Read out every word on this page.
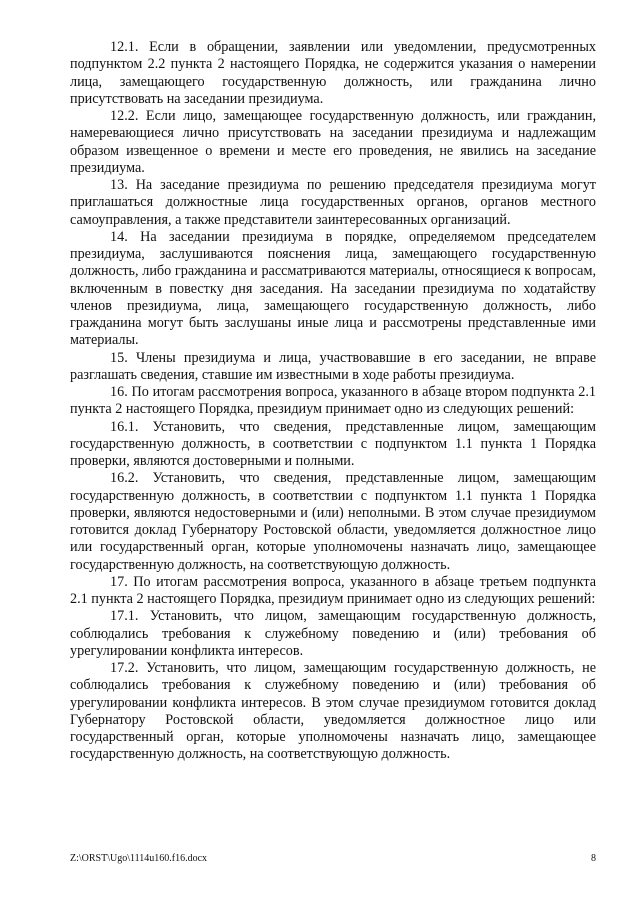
12.1. Если в обращении, заявлении или уведомлении, предусмотренных подпунктом 2.2 пункта 2 настоящего Порядка, не содержится указания о намерении лица, замещающего государственную должность, или гражданина лично присутствовать на заседании президиума.

12.2. Если лицо, замещающее государственную должность, или гражданин, намеревающиеся лично присутствовать на заседании президиума и надлежащим образом извещенное о времени и месте его проведения, не явились на заседание президиума.

13. На заседание президиума по решению председателя президиума могут приглашаться должностные лица государственных органов, органов местного самоуправления, а также представители заинтересованных организаций.

14. На заседании президиума в порядке, определяемом председателем президиума, заслушиваются пояснения лица, замещающего государственную должность, либо гражданина и рассматриваются материалы, относящиеся к вопросам, включенным в повестку дня заседания. На заседании президиума по ходатайству членов президиума, лица, замещающего государственную должность, либо гражданина могут быть заслушаны иные лица и рассмотрены представленные ими материалы.

15. Члены президиума и лица, участвовавшие в его заседании, не вправе разглашать сведения, ставшие им известными в ходе работы президиума.

16. По итогам рассмотрения вопроса, указанного в абзаце втором подпункта 2.1 пункта 2 настоящего Порядка, президиум принимает одно из следующих решений:

16.1. Установить, что сведения, представленные лицом, замещающим государственную должность, в соответствии с подпунктом 1.1 пункта 1 Порядка проверки, являются достоверными и полными.

16.2. Установить, что сведения, представленные лицом, замещающим государственную должность, в соответствии с подпунктом 1.1 пункта 1 Порядка проверки, являются недостоверными и (или) неполными. В этом случае президиумом готовится доклад Губернатору Ростовской области, уведомляется должностное лицо или государственный орган, которые уполномочены назначать лицо, замещающее государственную должность, на соответствующую должность.

17. По итогам рассмотрения вопроса, указанного в абзаце третьем подпункта 2.1 пункта 2 настоящего Порядка, президиум принимает одно из следующих решений:

17.1. Установить, что лицом, замещающим государственную должность, соблюдались требования к служебному поведению и (или) требования об урегулировании конфликта интересов.

17.2. Установить, что лицом, замещающим государственную должность, не соблюдались требования к служебному поведению и (или) требования об урегулировании конфликта интересов. В этом случае президиумом готовится доклад Губернатору Ростовской области, уведомляется должностное лицо или государственный орган, которые уполномочены назначать лицо, замещающее государственную должность, на соответствующую должность.

Z:\ORST\Ugo\1114u160.f16.docx	8
